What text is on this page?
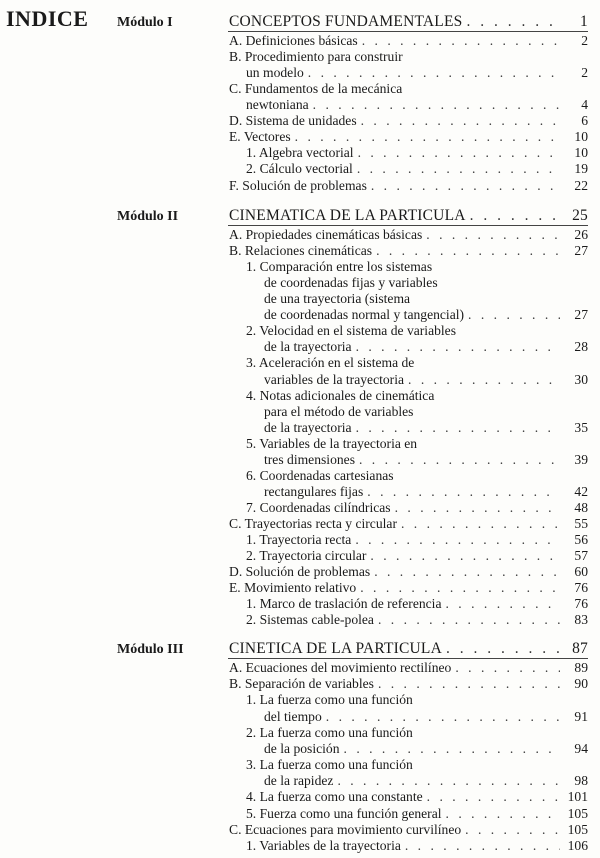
INDICE Módulo I	CONCEPTOS FUNDAMENTALES . . .	1
A. Definiciones básicas . . .	2
B. Procedimiento para construir
un modelo . . .	2
C. Fundamentos de la mecánica
newtoniana . . .	4
D. Sistema de unidades . . .	6
E. Vectores . . .	10
1. Algebra vectorial . . .	10
2. Cálculo vectorial . . .	19
F. Solución de problemas . . .	22
Módulo II	CINEMATICA DE LA PARTICULA . . .	25
A. Propiedades cinemáticas básicas . . .	26
B. Relaciones cinemáticas . . .	27
1. Comparación entre los sistemas
de coordenadas fijas y variables
de una trayectoria (sistema
de coordenadas normal y tangencial) . . .	27
2. Velocidad en el sistema de variables
de la trayectoria . . .	28
3. Aceleración en el sistema de
variables de la trayectoria . . .	30
4. Notas adicionales de cinemática
para el método de variables
de la trayectoria . . .	35
5. Variables de la trayectoria en
tres dimensiones . . .	39
6. Coordenadas cartesianas
rectangulares fijas . . .	42
7. Coordenadas cilíndricas . . .	48
C. Trayectorias recta y circular . . .	55
1. Trayectoria recta . . .	56
2. Trayectoria circular . . .	57
D. Solución de problemas . . .	60
E. Movimiento relativo . . .	76
1. Marco de traslación de referencia . . .	76
2. Sistemas cable-polea . . .	83
Módulo III	CINETICA DE LA PARTICULA . . .	87
A. Ecuaciones del movimiento rectilíneo . . .	89
B. Separación de variables . . .	90
1. La fuerza como una función
del tiempo . . .	91
2. La fuerza como una función
de la posición . . .	94
3. La fuerza como una función
de la rapidez . . .	98
4. La fuerza como una constante . . .	101
5. Fuerza como una función general . . .	105
C. Ecuaciones para movimiento curvilíneo . . .	105
1. Variables de la trayectoria . . .	106
